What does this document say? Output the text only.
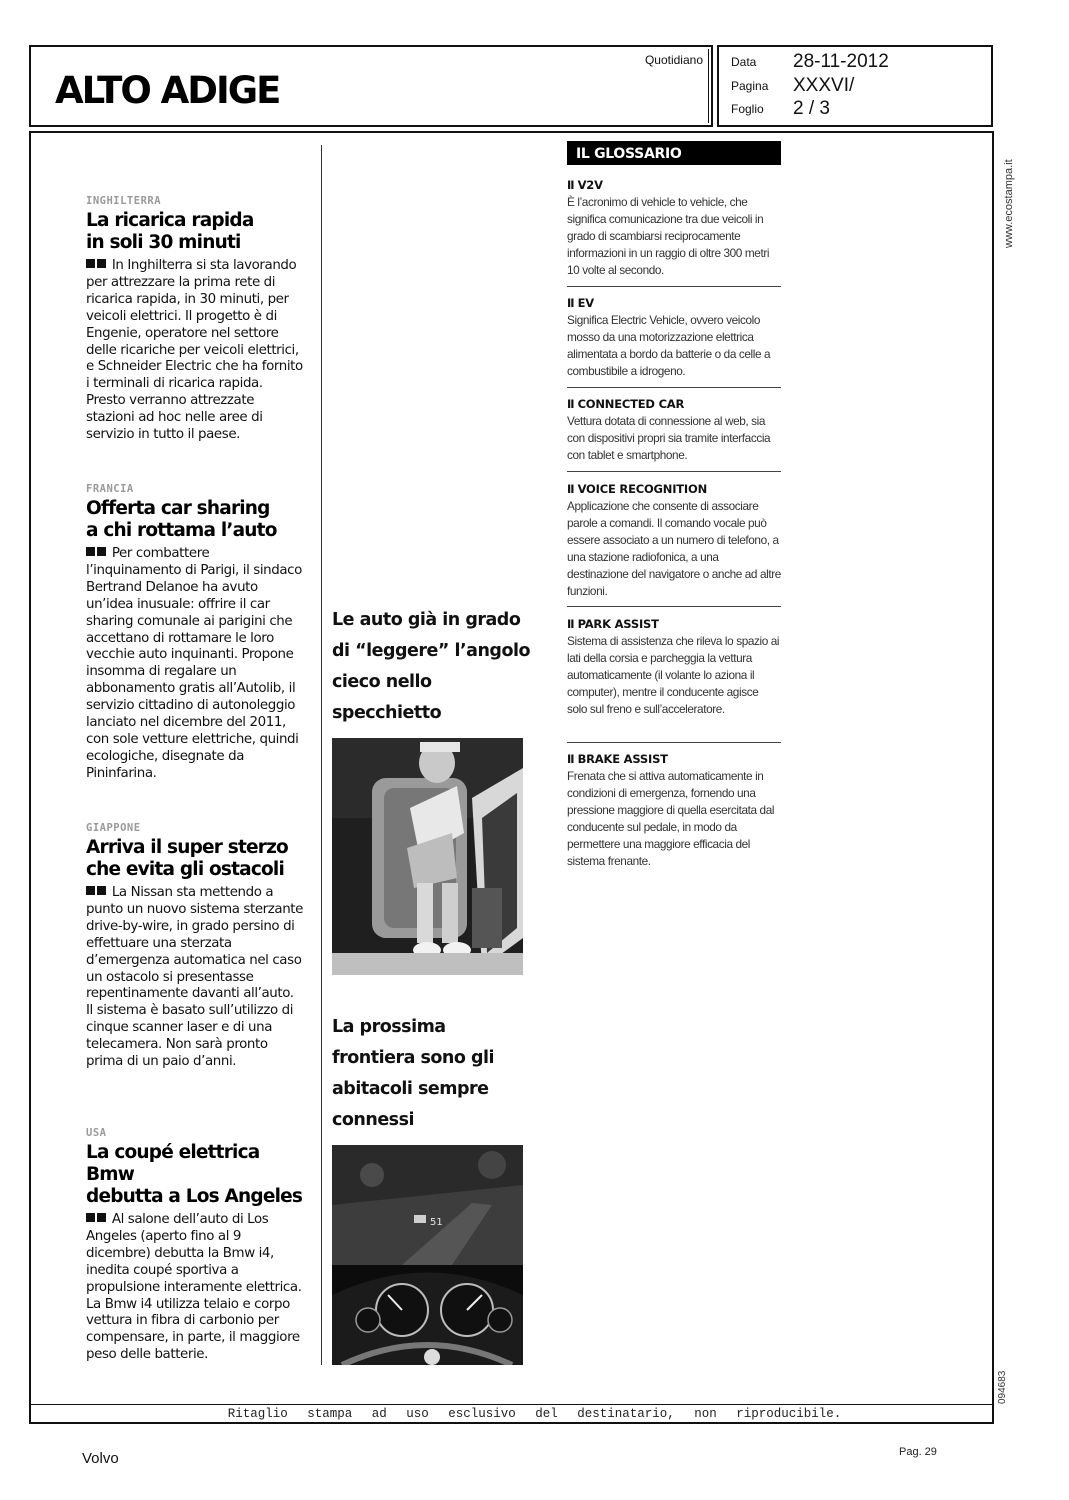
ALTO ADIGE
Quotidiano Data 28-11-2012
Pagina XXXVI/
Foglio 2 / 3
Ritaglio stampa ad uso esclusivo del destinatario, non riproducibile.
www.ecostampa.it
094683
INGHILTERRA
La ricarica rapida
in soli 30 minuti

In Inghilterra si sta lavorando per attrezzare la prima rete di ricarica rapida, in 30 minuti, per veicoli elettrici. Il progetto è di Engenie, operatore nel settore delle ricariche per veicoli elettrici, e Schneider Electric che ha fornito i terminali di ricarica rapida. Presto verranno attrezzate stazioni ad hoc nelle aree di servizio in tutto il paese.

FRANCIA
Offerta car sharing
a chi rottama l’auto

Per combattere l’inquinamento di Parigi, il sindaco Bertrand Delanoe ha avuto un’idea inusuale: offrire il car sharing comunale ai parigini che accettano di rottamare le loro vecchie auto inquinanti. Propone insomma di regalare un abbonamento gratis all’Autolib, il servizio cittadino di autonoleggio lanciato nel dicembre del 2011, con sole vetture elettriche, quindi ecologiche, disegnate da Pininfarina.

GIAPPONE
Arriva il super sterzo
che evita gli ostacoli

La Nissan sta mettendo a punto un nuovo sistema sterzante drive-by-wire, in grado persino di effettuare una sterzata d’emergenza automatica nel caso un ostacolo si presentasse repentinamente davanti all’auto. Il sistema è basato sull’utilizzo di cinque scanner laser e di una telecamera. Non sarà pronto prima di un paio d’anni.

USA
La coupé elettrica Bmw
debutta a Los Angeles

Al salone dell’auto di Los Angeles (aperto fino al 9 dicembre) debutta la Bmw i4, inedita coupé sportiva a propulsione interamente elettrica. La Bmw i4 utilizza telaio e corpo vettura in fibra di carbonio per compensare, in parte, il maggiore peso delle batterie.

Le auto già in grado di “leggere” l’angolo cieco nello specchietto
La prossima frontiera sono gli abitacoli sempre connessi
51
IL GLOSSARIO
II V2V

È l’acronimo di vehicle to vehicle, che significa comunicazione tra due veicoli in grado di scambiarsi reciprocamente informazioni in un raggio di oltre 300 metri 10 volte al secondo.

II EV

Significa Electric Vehicle, ovvero veicolo mosso da una motorizzazione elettrica alimentata a bordo da batterie o da celle a combustibile a idrogeno.

II CONNECTED CAR

Vettura dotata di connessione al web, sia con dispositivi propri sia tramite interfaccia con tablet e smartphone.

II VOICE RECOGNITION

Applicazione che consente di associare parole a comandi. Il comando vocale può essere associato a un numero di telefono, a una stazione radiofonica, a una destinazione del navigatore o anche ad altre funzioni.

II PARK ASSIST

Sistema di assistenza che rileva lo spazio ai lati della corsia e parcheggia la vettura automaticamente (il volante lo aziona il computer), mentre il conducente agisce solo sul freno e sull’acceleratore.

II BRAKE ASSIST

Frenata che si attiva automaticamente in condizioni di emergenza, fornendo una pressione maggiore di quella esercitata dal conducente sul pedale, in modo da permettere una maggiore efficacia del sistema frenante.

Volvo	Pag. 29
